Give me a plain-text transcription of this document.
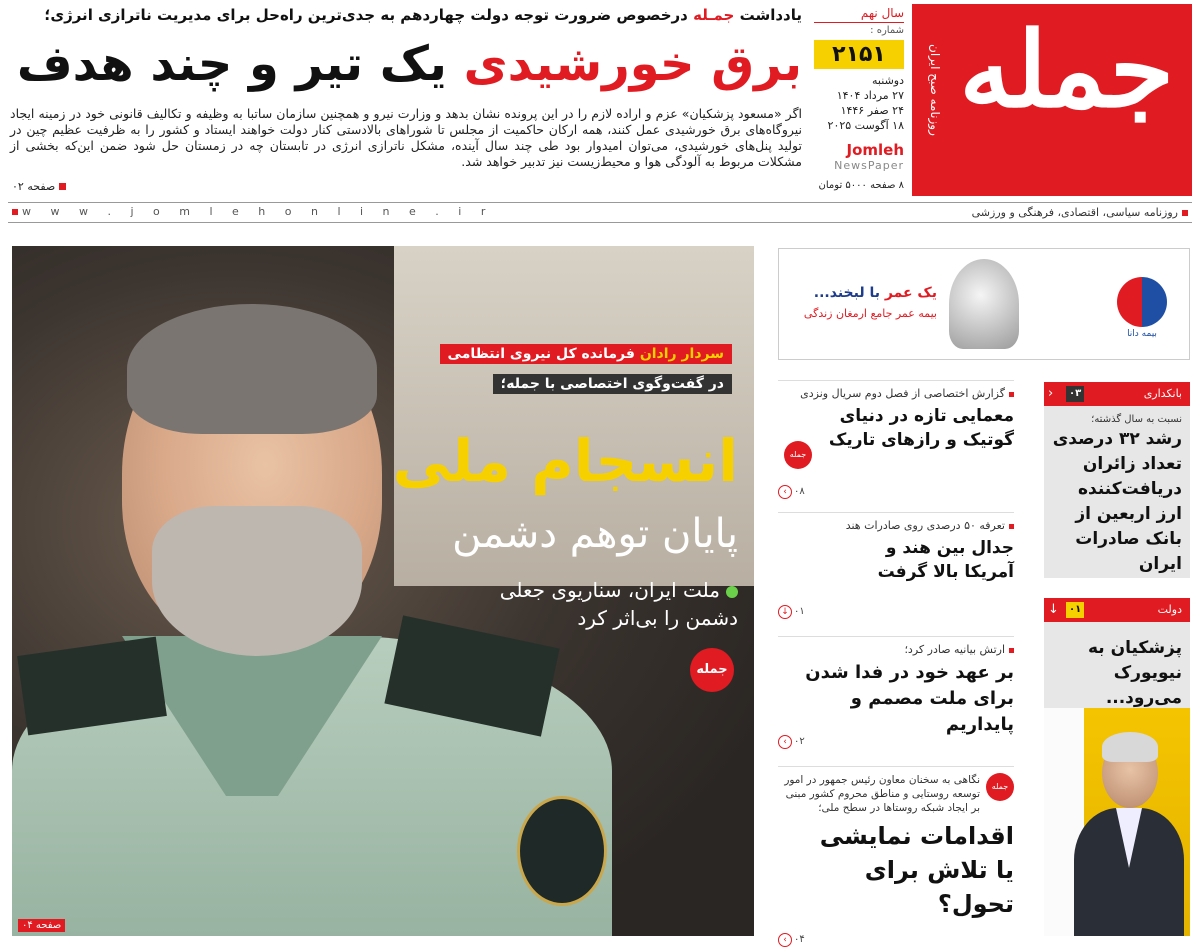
جمله
روزنامه صبح ایران
سال نهم
شماره :
۲۱۵۱
دوشنبه
۲۷ مرداد ۱۴۰۴
۲۴ صفر ۱۴۴۶
۱۸ آگوست ۲۰۲۵
Jomleh
NewsPaper
۸ صفحه ۵۰۰۰ تومان
یادداشت جمـله درخصوص ضرورت توجه دولت چهاردهم به جدی‌ترین راه‌حل برای مدیریت ناترازی انرژی؛
برق خورشیدی یک تیر و چند هدف
اگر «مسعود پزشکیان» عزم و اراده لازم را در این پرونده نشان بدهد و وزارت نیرو و همچنین سازمان ساتبا به وظیفه و تکالیف قانونی خود در زمینه ایجاد نیروگاه‌های برق خورشیدی عمل کنند، همه ارکان حاکمیت از مجلس تا شوراهای بالادستی کنار دولت خواهند ایستاد و کشور را به ظرفیت عظیم چین در تولید پنل‌های خورشیدی، می‌توان امیدوار بود طی چند سال آینده، مشکل ناترازی انرژی در تابستان چه در زمستان حل شود ضمن این‌که بخشی از مشکلات مربوط به آلودگی هوا و محیط‌زیست نیز تدبیر خواهد شد.
صفحه ۰۲
w w w . j o m l e h o n l i n e . i r	روزنامه سیاسی، اقتصادی، فرهنگی و ورزشی
سردار رادان فرمانده کل نیروی انتظامی
در گفت‌وگوی اختصاصی با جمله؛
انسجام ملی
پایان توهم دشمن
ملت ایران، سناریوی جعلی
دشمن را بی‌اثر کرد
جمله
صفحه ۰۴
بیمه دانا
یک عمر با لبخند...
بیمه عمر جامع ارمغان زندگی
گزارش اختصاصی از فصل دوم سریال ونزدی
معمایی تازه در دنیای گوتیک و رازهای تاریک
جمله
‹ ۰۸
تعرفه ۵۰ درصدی روی صادرات هند
جدال بین هند و آمریکا بالا گرفت
↓ ۰۱
ارتش بیانیه صادر کرد؛
بر عهد خود در فدا شدن برای ملت مصمم و پایداریم
‹ ۰۲
جمله
نگاهی به سخنان معاون رئیس جمهور در امور توسعه روستایی و مناطق محروم کشور مبنی بر ایجاد شبکه روستاها در سطح ملی؛
اقدامات نمایشی یا تلاش برای تحول؟
‹ ۰۴
بانکداری
۰۳
‹
نسبت به سال گذشته؛
رشد ۳۲ درصدی تعداد زائران دریافت‌کننده ارز اربعین از بانک صادرات ایران
دولت
۰۱
↓
پزشکیان به نیویورک می‌رود...
